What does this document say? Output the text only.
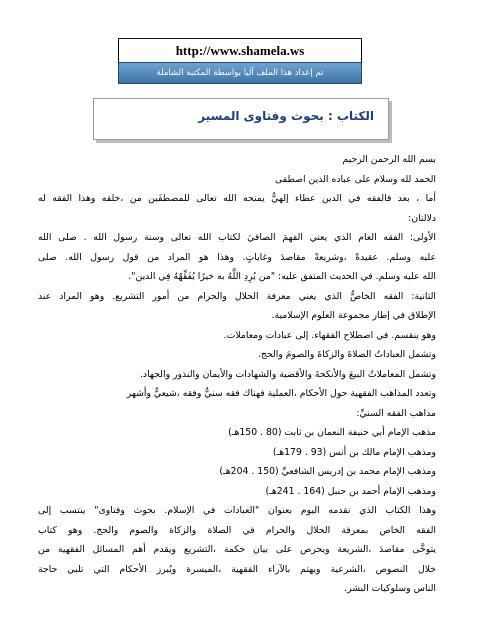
http://www.shamela.ws
تم إعداد هذا الملف آليا بواسطة المكتبة الشاملة
الكتاب : بحوث وفتاوى المسير
بسم الله الرحمن الرحيم
الحمد لله وسلام على عباده الذين اصطفى
أما ، بعد فالفقه في الدين عطاء إلهيٌّ يمنحه الله تعالى للمصطفَين من ،خلقه وهذا الفقه له
دلالتان:
الأولى: الفقه العام الذي يعني الفهمَ الصافيَ لكتاب الله تعالى وسنة رسول الله . صلى الله
عليه وسلم. عقيدةً ،وشريعةً مقاصدَ وغاياتٍ. وهذا هو المراد من قول رسول الله. صلى
الله عليه وسلم. في الحديث المتفق عليه: "من يُرِدِ اللَّهُ به خيرًا يُفَقِّهْهُ فِي الدين".
الثانية: الفقه الخاصُّ الذي يعني معرفة الحلال والحرام من أمور التشريع. وهو المراد عند
الإطلاق في إطار مجموعة العلوم الإسلامية.
وهو ينقسم. في اصطلاح الفقهاء. إلى عبادات ومعاملات.
وتشمل العباداتُ الصلاةَ والزكاةَ والصومَ والحج.
وتشمل المعاملاتُ البيعَ والأنكحةَ والأقضية والشهادات والأيمان والنذور والجهاد.
وتعدد المذاهب الفقهية حول الأحكام ،العملية فهناك فقه سنيٌّ وفقه ،شيعيٌّ وأشهر
مذاهب الفقه السنيِّ:
مذهب الإمام أبي حنيفة النعمان بن ثابت (80 . 150هـ)
ومذهب الإمام مالك بن أنس (93 . 179هـ)
ومذهب الإمام محمد بن إدريس الشافعيِّ (150 . 204هـ)
ومذهب الإمام أحمد بن حنبل (164 . 241هـ)
وهذا الكتاب الذي نقدمه اليوم بعنوان "العبادات في الإسلام. بحوث وفتاوى" ينتسب إلى
الفقه الخاص بمعرفة الحلال والحرام في الصلاة والزكاة والصوم والحج. وهو كتاب
يتوخَّى مقاصدَ ،الشريعة ويحرص على بيان حكمة ،التشريع ويقدم أهم المسائل الفقهية من
خلال النصوص ،الشرعية ويهتم بالآراء الفقهية ،الميسرة ويُبرز الأحكام التي تلبي حاجة
الناس وسلوكيات البشر.
